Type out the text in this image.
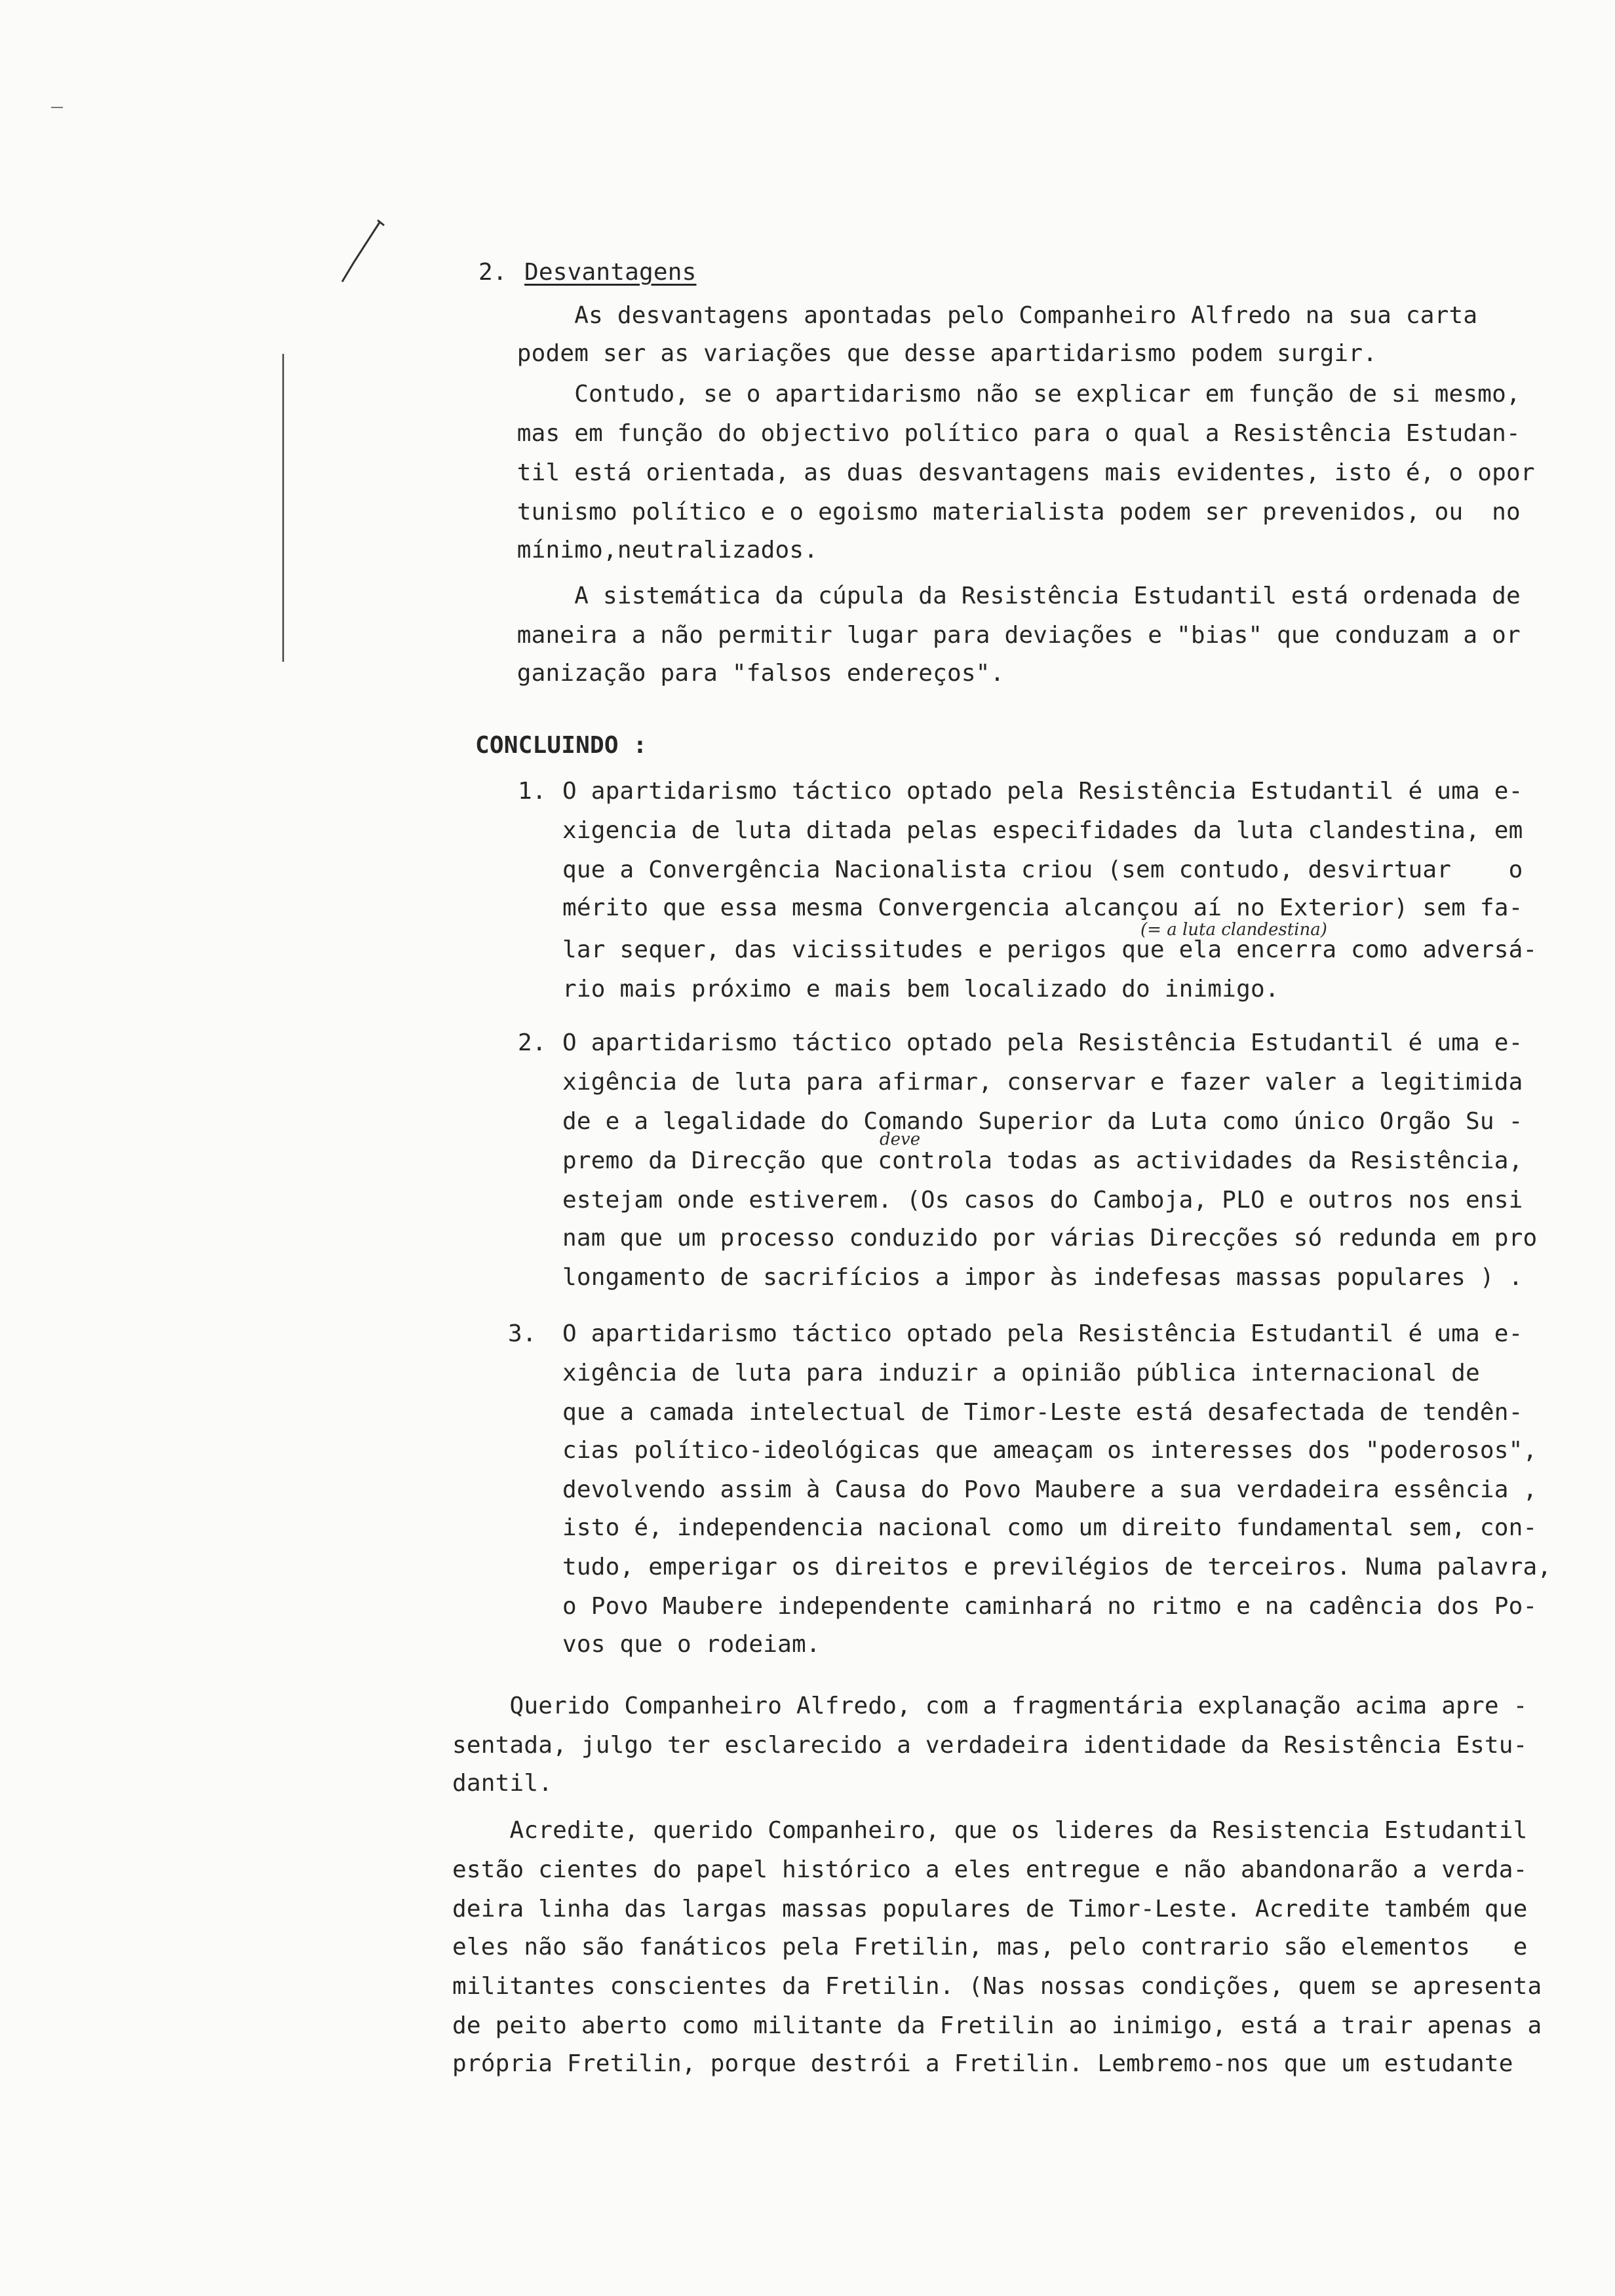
2. Desvantagens
As desvantagens apontadas pelo Companheiro Alfredo na sua carta
podem ser as variações que desse apartidarismo podem surgir.
Contudo, se o apartidarismo não se explicar em função de si mesmo,
mas em função do objectivo político para o qual a Resistência Estudan-
til está orientada, as duas desvantagens mais evidentes, isto é, o opor
tunismo político e o egoismo materialista podem ser prevenidos, ou  no
mínimo,neutralizados.
A sistemática da cúpula da Resistência Estudantil está ordenada de
maneira a não permitir lugar para deviações e "bias" que conduzam a or
ganização para "falsos endereços".
CONCLUINDO :
1. O apartidarismo táctico optado pela Resistência Estudantil é uma e-
xigencia de luta ditada pelas especifidades da luta clandestina, em
que a Convergência Nacionalista criou (sem contudo, desvirtuar    o
mérito que essa mesma Convergencia alcançou aí no Exterior) sem fa-
(= a luta clandestina)
lar sequer, das vicissitudes e perigos que ela encerra como adversá-
rio mais próximo e mais bem localizado do inimigo.
2. O apartidarismo táctico optado pela Resistência Estudantil é uma e-
xigência de luta para afirmar, conservar e fazer valer a legitimida
de e a legalidade do Comando Superior da Luta como único Orgão Su -
deve
premo da Direcção que controla todas as actividades da Resistência,
estejam onde estiverem. (Os casos do Camboja, PLO e outros nos ensi
nam que um processo conduzido por várias Direcções só redunda em pro
longamento de sacrifícios a impor às indefesas massas populares ) .
3. O apartidarismo táctico optado pela Resistência Estudantil é uma e-
xigência de luta para induzir a opinião pública internacional de
que a camada intelectual de Timor-Leste está desafectada de tendên-
cias político-ideológicas que ameaçam os interesses dos "poderosos",
devolvendo assim à Causa do Povo Maubere a sua verdadeira essência ,
isto é, independencia nacional como um direito fundamental sem, con-
tudo, emperigar os direitos e previlégios de terceiros. Numa palavra,
o Povo Maubere independente caminhará no ritmo e na cadência dos Po-
vos que o rodeiam.
Querido Companheiro Alfredo, com a fragmentária explanação acima apre -
sentada, julgo ter esclarecido a verdadeira identidade da Resistência Estu-
dantil.
Acredite, querido Companheiro, que os lideres da Resistencia Estudantil
estão cientes do papel histórico a eles entregue e não abandonarão a verda-
deira linha das largas massas populares de Timor-Leste. Acredite também que
eles não são fanáticos pela Fretilin, mas, pelo contrario são elementos   e
militantes conscientes da Fretilin. (Nas nossas condições, quem se apresenta
de peito aberto como militante da Fretilin ao inimigo, está a trair apenas a
própria Fretilin, porque destrói a Fretilin. Lembremo-nos que um estudante
